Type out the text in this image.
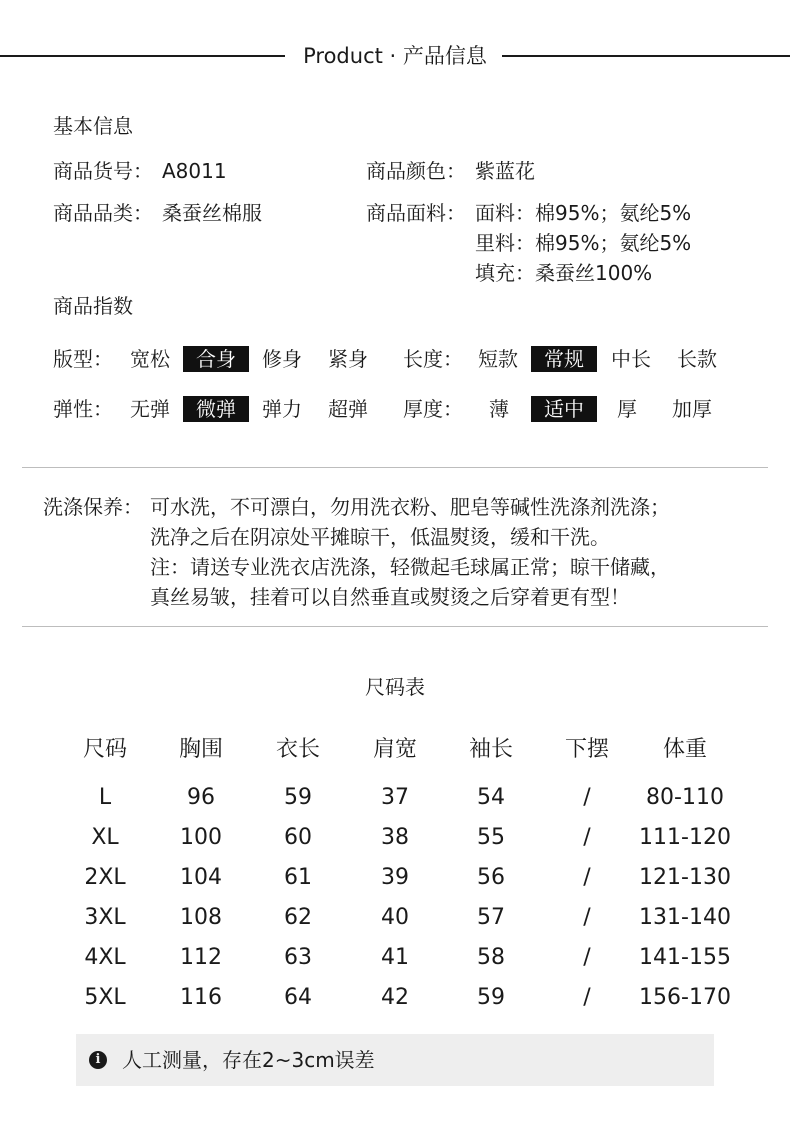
Product · 产品信息
基本信息
商品货号： A8011	商品颜色： 紫蓝花
商品品类： 桑蚕丝棉服	商品面料： 面料：棉95%；氨纶5%
里料：棉95%；氨纶5%
填充：桑蚕丝100%
商品指数
版型： 宽松	合身	修身 紧身 长度： 短款	常规	中长 长款
弹性： 无弹	微弹	弹力 超弹 厚度： 薄	适中	厚 加厚
洗涤保养： 可水洗，不可漂白，勿用洗衣粉、肥皂等碱性洗涤剂洗涤；
洗净之后在阴凉处平摊晾干，低温熨烫，缓和干洗。
注：请送专业洗衣店洗涤，轻微起毛球属正常；晾干储藏，
真丝易皱，挂着可以自然垂直或熨烫之后穿着更有型！
尺码表
尺码	胸围	衣长	肩宽	袖长	下摆	体重
L	96	59	37	54	/	80-110
XL	100	60	38	55	/	111-120
2XL	104	61	39	56	/	121-130
3XL	108	62	40	57	/	131-140
4XL	112	63	41	58	/	141-155
5XL	116	64	42	59	/	156-170
i	人工测量，存在2~3cm误差
